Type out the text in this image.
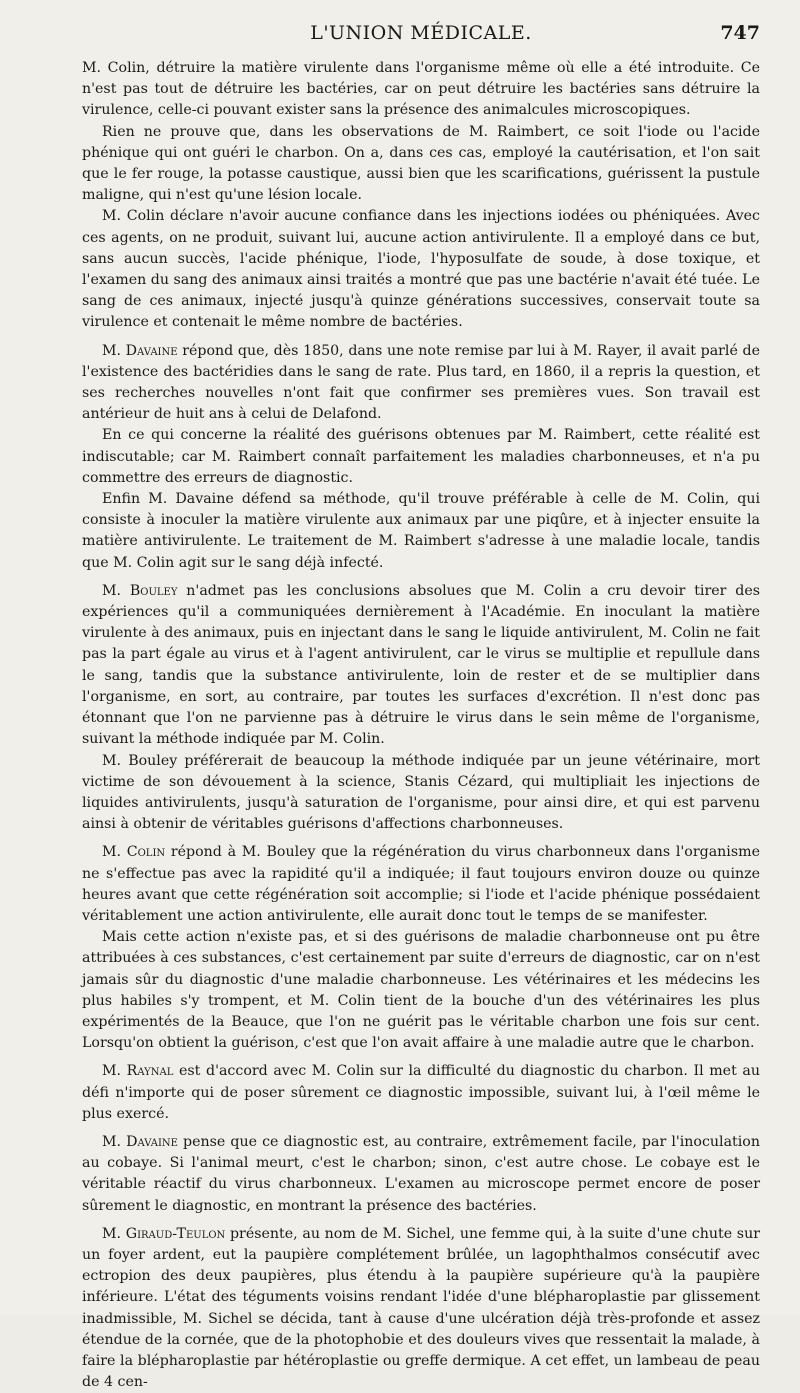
L'UNION MÉDICALE.	747

M. Colin, détruire la matière virulente dans l'organisme même où elle a été introduite. Ce n'est pas tout de détruire les bactéries, car on peut détruire les bactéries sans détruire la virulence, celle-ci pouvant exister sans la présence des animalcules microscopiques.

Rien ne prouve que, dans les observations de M. Raimbert, ce soit l'iode ou l'acide phénique qui ont guéri le charbon. On a, dans ces cas, employé la cautérisation, et l'on sait que le fer rouge, la potasse caustique, aussi bien que les scarifications, guérissent la pustule maligne, qui n'est qu'une lésion locale.

M. Colin déclare n'avoir aucune confiance dans les injections iodées ou phéniquées. Avec ces agents, on ne produit, suivant lui, aucune action antivirulente. Il a employé dans ce but, sans aucun succès, l'acide phénique, l'iode, l'hyposulfate de soude, à dose toxique, et l'examen du sang des animaux ainsi traités a montré que pas une bactérie n'avait été tuée. Le sang de ces animaux, injecté jusqu'à quinze générations successives, conservait toute sa virulence et contenait le même nombre de bactéries.

M. Davaine répond que, dès 1850, dans une note remise par lui à M. Rayer, il avait parlé de l'existence des bactéridies dans le sang de rate. Plus tard, en 1860, il a repris la question, et ses recherches nouvelles n'ont fait que confirmer ses premières vues. Son travail est antérieur de huit ans à celui de Delafond.

En ce qui concerne la réalité des guérisons obtenues par M. Raimbert, cette réalité est indiscutable; car M. Raimbert connaît parfaitement les maladies charbonneuses, et n'a pu commettre des erreurs de diagnostic.

Enfin M. Davaine défend sa méthode, qu'il trouve préférable à celle de M. Colin, qui consiste à inoculer la matière virulente aux animaux par une piqûre, et à injecter ensuite la matière antivirulente. Le traitement de M. Raimbert s'adresse à une maladie locale, tandis que M. Colin agit sur le sang déjà infecté.

M. Bouley n'admet pas les conclusions absolues que M. Colin a cru devoir tirer des expériences qu'il a communiquées dernièrement à l'Académie. En inoculant la matière virulente à des animaux, puis en injectant dans le sang le liquide antivirulent, M. Colin ne fait pas la part égale au virus et à l'agent antivirulent, car le virus se multiplie et repullule dans le sang, tandis que la substance antivirulente, loin de rester et de se multiplier dans l'organisme, en sort, au contraire, par toutes les surfaces d'excrétion. Il n'est donc pas étonnant que l'on ne parvienne pas à détruire le virus dans le sein même de l'organisme, suivant la méthode indiquée par M. Colin.

M. Bouley préférerait de beaucoup la méthode indiquée par un jeune vétérinaire, mort victime de son dévouement à la science, Stanis Cézard, qui multipliait les injections de liquides antivirulents, jusqu'à saturation de l'organisme, pour ainsi dire, et qui est parvenu ainsi à obtenir de véritables guérisons d'affections charbonneuses.

M. Colin répond à M. Bouley que la régénération du virus charbonneux dans l'organisme ne s'effectue pas avec la rapidité qu'il a indiquée; il faut toujours environ douze ou quinze heures avant que cette régénération soit accomplie; si l'iode et l'acide phénique possédaient véritablement une action antivirulente, elle aurait donc tout le temps de se manifester.

Mais cette action n'existe pas, et si des guérisons de maladie charbonneuse ont pu être attribuées à ces substances, c'est certainement par suite d'erreurs de diagnostic, car on n'est jamais sûr du diagnostic d'une maladie charbonneuse. Les vétérinaires et les médecins les plus habiles s'y trompent, et M. Colin tient de la bouche d'un des vétérinaires les plus expérimentés de la Beauce, que l'on ne guérit pas le véritable charbon une fois sur cent. Lorsqu'on obtient la guérison, c'est que l'on avait affaire à une maladie autre que le charbon.

M. Raynal est d'accord avec M. Colin sur la difficulté du diagnostic du charbon. Il met au défi n'importe qui de poser sûrement ce diagnostic impossible, suivant lui, à l'œil même le plus exercé.

M. Davaine pense que ce diagnostic est, au contraire, extrêmement facile, par l'inoculation au cobaye. Si l'animal meurt, c'est le charbon; sinon, c'est autre chose. Le cobaye est le véritable réactif du virus charbonneux. L'examen au microscope permet encore de poser sûrement le diagnostic, en montrant la présence des bactéries.

M. Giraud-Teulon présente, au nom de M. Sichel, une femme qui, à la suite d'une chute sur un foyer ardent, eut la paupière complétement brûlée, un lagophthalmos consécutif avec ectropion des deux paupières, plus étendu à la paupière supérieure qu'à la paupière inférieure. L'état des téguments voisins rendant l'idée d'une blépharoplastie par glissement inadmissible, M. Sichel se décida, tant à cause d'une ulcération déjà très-profonde et assez étendue de la cornée, que de la photophobie et des douleurs vives que ressentait la malade, à faire la blépharoplastie par hétéroplastie ou greffe dermique. A cet effet, un lambeau de peau de 4 cen-
